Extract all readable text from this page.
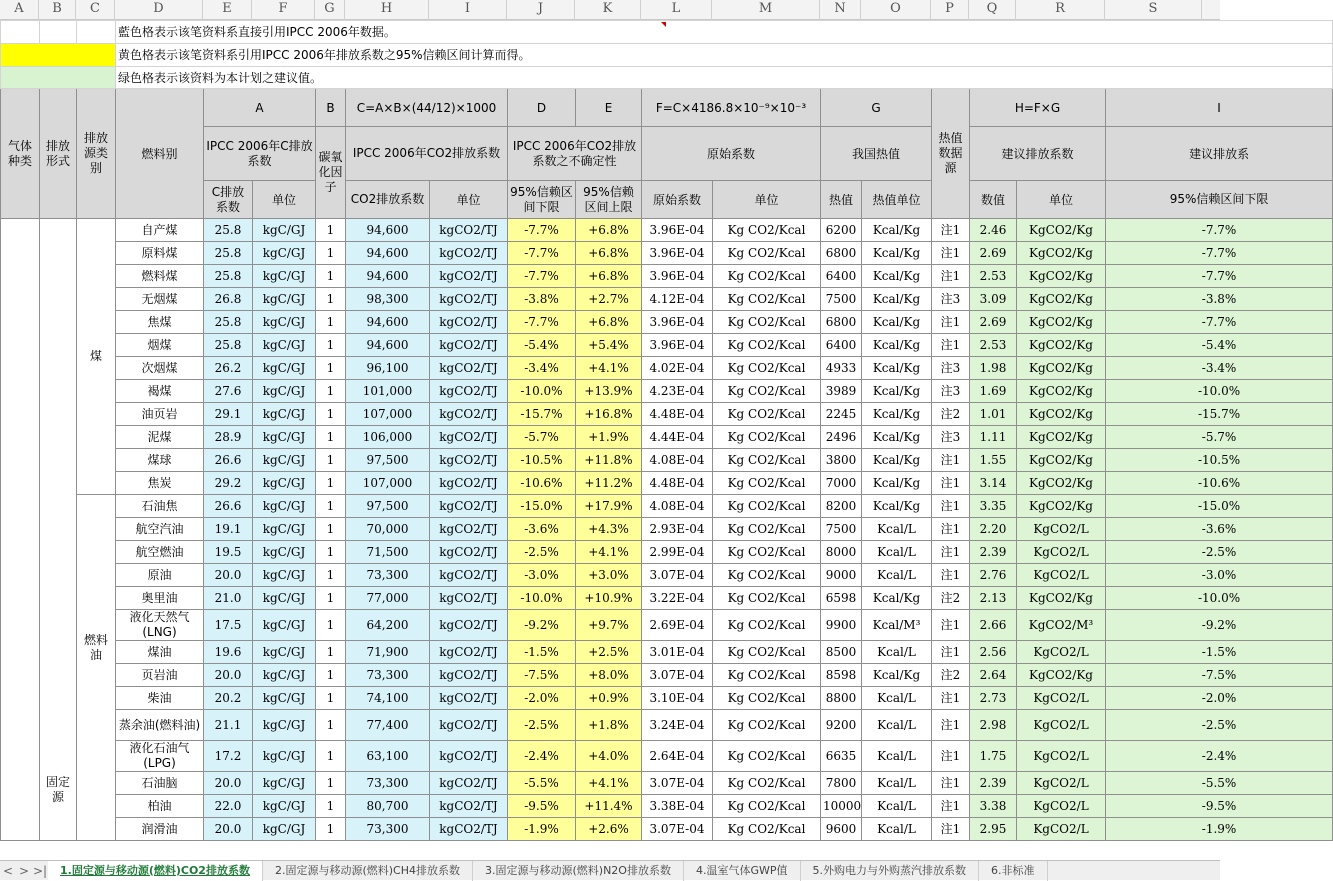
A	B	C	D	E	F	G	H	I	J	K	L	M	N	O	P	Q	R	S
			藍色格表示该笔资料系直接引用IPCC 2006年数据。															
			黄色格表示该笔资料系引用IPCC 2006年排放系数之95%信赖区间计算而得。															
			绿色格表示该资料为本计划之建议值。															
气体种类	排放形式	排放源类别	燃料别	A		B	C=A×B×(44/12)×1000		D	E	F=C×4186.8×10⁻⁹×10⁻³		G		热值数据源	H=F×G		I
				IPCC 2006年C排放系数		碳氧化因子	IPCC 2006年CO2排放系数		IPCC 2006年CO2排放系数之不确定性		原始系数		我国热值			建议排放系数		建议排放系
				C排放系数	单位		CO2排放系数	单位	95%信赖区间下限	95%信赖区间上限	原始系数	单位	热值	热值单位		数值	单位	95%信赖区间下限

	固定源	煤	自产煤	25.8	kgC/GJ	1	94,600	kgCO2/TJ	-7.7%	+6.8%	3.96E-04	Kg CO2/Kcal	6200	Kcal/Kg	注1	2.46	KgCO2/Kg	-7.7%
			原料煤	25.8	kgC/GJ	1	94,600	kgCO2/TJ	-7.7%	+6.8%	3.96E-04	Kg CO2/Kcal	6800	Kcal/Kg	注1	2.69	KgCO2/Kg	-7.7%
			燃料煤	25.8	kgC/GJ	1	94,600	kgCO2/TJ	-7.7%	+6.8%	3.96E-04	Kg CO2/Kcal	6400	Kcal/Kg	注1	2.53	KgCO2/Kg	-7.7%
			无烟煤	26.8	kgC/GJ	1	98,300	kgCO2/TJ	-3.8%	+2.7%	4.12E-04	Kg CO2/Kcal	7500	Kcal/Kg	注3	3.09	KgCO2/Kg	-3.8%
			焦煤	25.8	kgC/GJ	1	94,600	kgCO2/TJ	-7.7%	+6.8%	3.96E-04	Kg CO2/Kcal	6800	Kcal/Kg	注1	2.69	KgCO2/Kg	-7.7%
			烟煤	25.8	kgC/GJ	1	94,600	kgCO2/TJ	-5.4%	+5.4%	3.96E-04	Kg CO2/Kcal	6400	Kcal/Kg	注1	2.53	KgCO2/Kg	-5.4%
			次烟煤	26.2	kgC/GJ	1	96,100	kgCO2/TJ	-3.4%	+4.1%	4.02E-04	Kg CO2/Kcal	4933	Kcal/Kg	注3	1.98	KgCO2/Kg	-3.4%
			褐煤	27.6	kgC/GJ	1	101,000	kgCO2/TJ	-10.0%	+13.9%	4.23E-04	Kg CO2/Kcal	3989	Kcal/Kg	注3	1.69	KgCO2/Kg	-10.0%
			油页岩	29.1	kgC/GJ	1	107,000	kgCO2/TJ	-15.7%	+16.8%	4.48E-04	Kg CO2/Kcal	2245	Kcal/Kg	注2	1.01	KgCO2/Kg	-15.7%
			泥煤	28.9	kgC/GJ	1	106,000	kgCO2/TJ	-5.7%	+1.9%	4.44E-04	Kg CO2/Kcal	2496	Kcal/Kg	注3	1.11	KgCO2/Kg	-5.7%
			煤球	26.6	kgC/GJ	1	97,500	kgCO2/TJ	-10.5%	+11.8%	4.08E-04	Kg CO2/Kcal	3800	Kcal/Kg	注1	1.55	KgCO2/Kg	-10.5%
			焦炭	29.2	kgC/GJ	1	107,000	kgCO2/TJ	-10.6%	+11.2%	4.48E-04	Kg CO2/Kcal	7000	Kcal/Kg	注1	3.14	KgCO2/Kg	-10.6%

		燃料油	石油焦	26.6	kgC/GJ	1	97,500	kgCO2/TJ	-15.0%	+17.9%	4.08E-04	Kg CO2/Kcal	8200	Kcal/Kg	注1	3.35	KgCO2/Kg	-15.0%
			航空汽油	19.1	kgC/GJ	1	70,000	kgCO2/TJ	-3.6%	+4.3%	2.93E-04	Kg CO2/Kcal	7500	Kcal/L	注1	2.20	KgCO2/L	-3.6%
			航空燃油	19.5	kgC/GJ	1	71,500	kgCO2/TJ	-2.5%	+4.1%	2.99E-04	Kg CO2/Kcal	8000	Kcal/L	注1	2.39	KgCO2/L	-2.5%
			原油	20.0	kgC/GJ	1	73,300	kgCO2/TJ	-3.0%	+3.0%	3.07E-04	Kg CO2/Kcal	9000	Kcal/L	注1	2.76	KgCO2/L	-3.0%
			奥里油	21.0	kgC/GJ	1	77,000	kgCO2/TJ	-10.0%	+10.9%	3.22E-04	Kg CO2/Kcal	6598	Kcal/Kg	注2	2.13	KgCO2/Kg	-10.0%
			液化天然气(LNG)	17.5	kgC/GJ	1	64,200	kgCO2/TJ	-9.2%	+9.7%	2.69E-04	Kg CO2/Kcal	9900	Kcal/M³	注1	2.66	KgCO2/M³	-9.2%
			煤油	19.6	kgC/GJ	1	71,900	kgCO2/TJ	-1.5%	+2.5%	3.01E-04	Kg CO2/Kcal	8500	Kcal/L	注1	2.56	KgCO2/L	-1.5%
			页岩油	20.0	kgC/GJ	1	73,300	kgCO2/TJ	-7.5%	+8.0%	3.07E-04	Kg CO2/Kcal	8598	Kcal/Kg	注2	2.64	KgCO2/Kg	-7.5%
			柴油	20.2	kgC/GJ	1	74,100	kgCO2/TJ	-2.0%	+0.9%	3.10E-04	Kg CO2/Kcal	8800	Kcal/L	注1	2.73	KgCO2/L	-2.0%
			蒸余油(燃料油)	21.1	kgC/GJ	1	77,400	kgCO2/TJ	-2.5%	+1.8%	3.24E-04	Kg CO2/Kcal	9200	Kcal/L	注1	2.98	KgCO2/L	-2.5%
			液化石油气(LPG)	17.2	kgC/GJ	1	63,100	kgCO2/TJ	-2.4%	+4.0%	2.64E-04	Kg CO2/Kcal	6635	Kcal/L	注1	1.75	KgCO2/L	-2.4%
			石油脑	20.0	kgC/GJ	1	73,300	kgCO2/TJ	-5.5%	+4.1%	3.07E-04	Kg CO2/Kcal	7800	Kcal/L	注1	2.39	KgCO2/L	-5.5%
			柏油	22.0	kgC/GJ	1	80,700	kgCO2/TJ	-9.5%	+11.4%	3.38E-04	Kg CO2/Kcal	10000	Kcal/L	注1	3.38	KgCO2/L	-9.5%
			润滑油	20.0	kgC/GJ	1	73,300	kgCO2/TJ	-1.9%	+2.6%	3.07E-04	Kg CO2/Kcal	9600	Kcal/L	注1	2.95	KgCO2/L	-1.9%
< > >|	1.固定源与移动源(燃料)CO2排放系数	2.固定源与移动源(燃料)CH4排放系数	3.固定源与移动源(燃料)N2O排放系数	4.温室气体GWP值	5.外购电力与外购蒸汽排放系数	6.非标准
